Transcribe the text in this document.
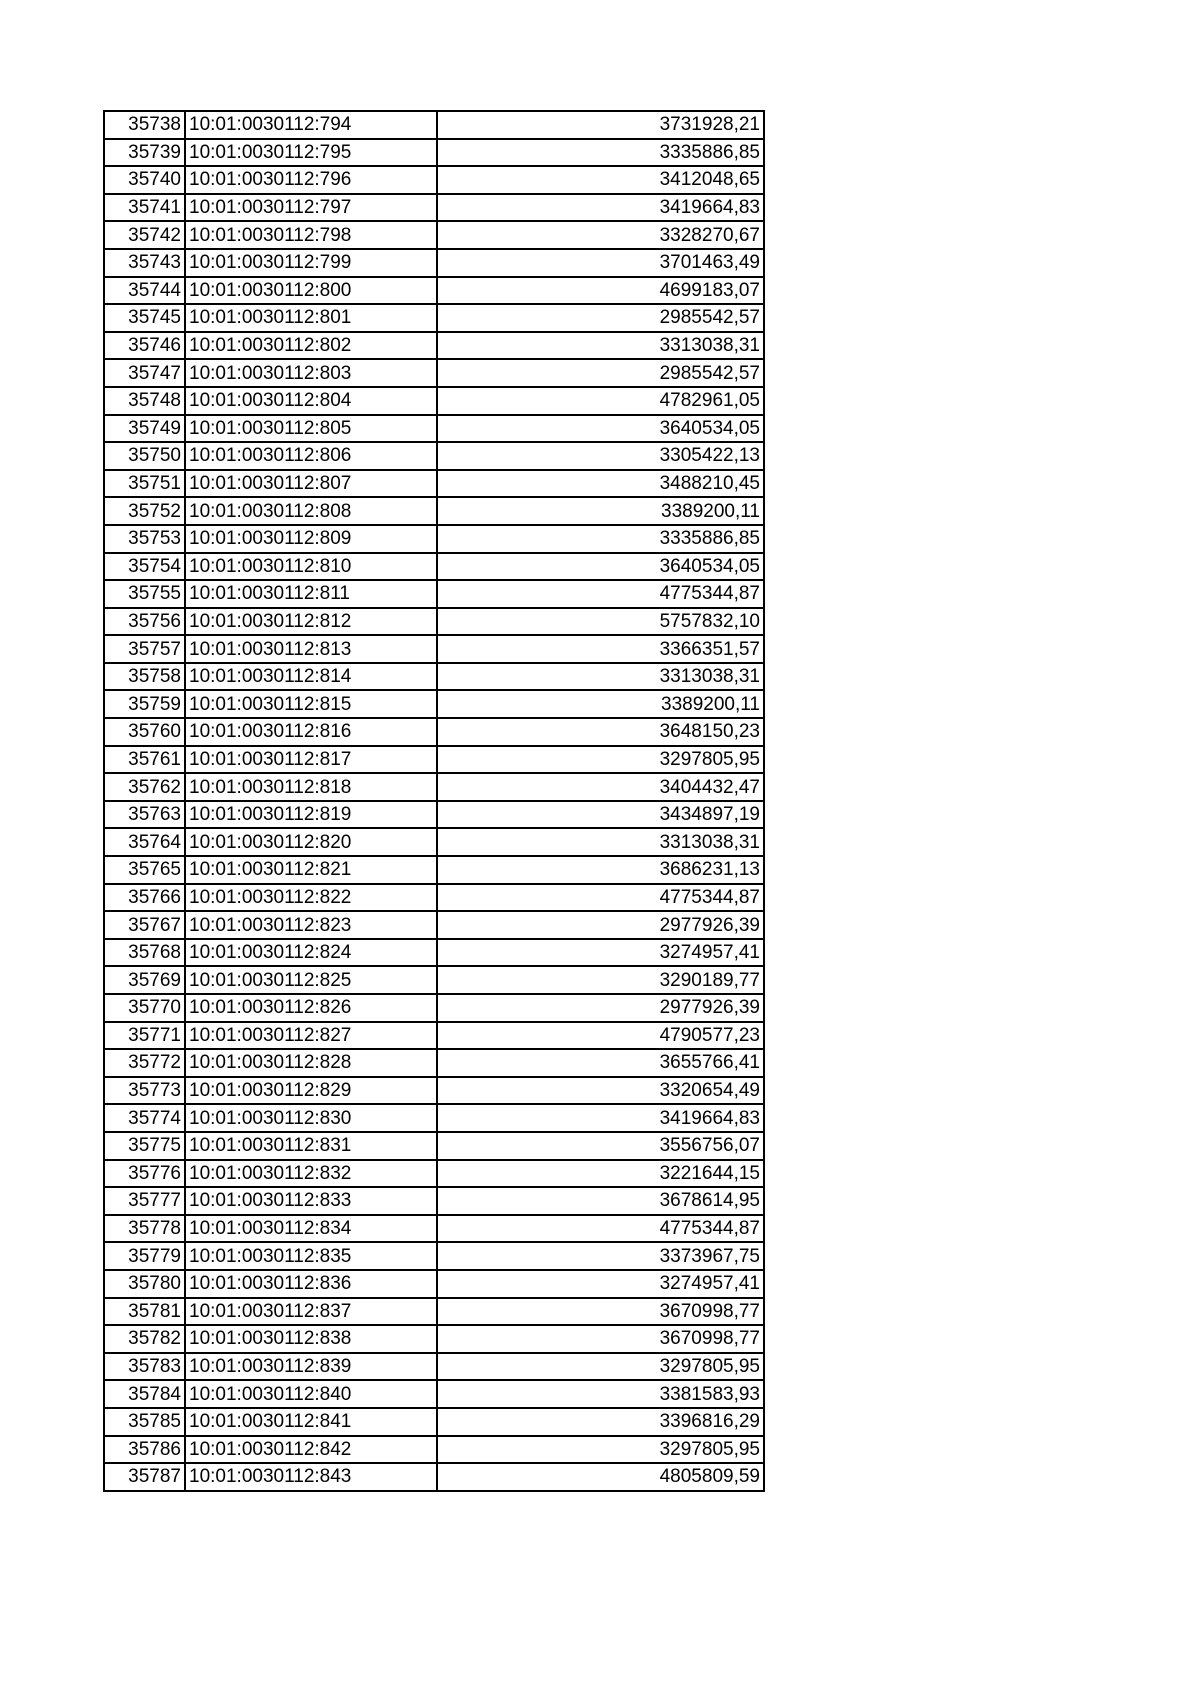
35738	10:01:0030112:794	3731928,21
35739	10:01:0030112:795	3335886,85
35740	10:01:0030112:796	3412048,65
35741	10:01:0030112:797	3419664,83
35742	10:01:0030112:798	3328270,67
35743	10:01:0030112:799	3701463,49
35744	10:01:0030112:800	4699183,07
35745	10:01:0030112:801	2985542,57
35746	10:01:0030112:802	3313038,31
35747	10:01:0030112:803	2985542,57
35748	10:01:0030112:804	4782961,05
35749	10:01:0030112:805	3640534,05
35750	10:01:0030112:806	3305422,13
35751	10:01:0030112:807	3488210,45
35752	10:01:0030112:808	3389200,11
35753	10:01:0030112:809	3335886,85
35754	10:01:0030112:810	3640534,05
35755	10:01:0030112:811	4775344,87
35756	10:01:0030112:812	5757832,10
35757	10:01:0030112:813	3366351,57
35758	10:01:0030112:814	3313038,31
35759	10:01:0030112:815	3389200,11
35760	10:01:0030112:816	3648150,23
35761	10:01:0030112:817	3297805,95
35762	10:01:0030112:818	3404432,47
35763	10:01:0030112:819	3434897,19
35764	10:01:0030112:820	3313038,31
35765	10:01:0030112:821	3686231,13
35766	10:01:0030112:822	4775344,87
35767	10:01:0030112:823	2977926,39
35768	10:01:0030112:824	3274957,41
35769	10:01:0030112:825	3290189,77
35770	10:01:0030112:826	2977926,39
35771	10:01:0030112:827	4790577,23
35772	10:01:0030112:828	3655766,41
35773	10:01:0030112:829	3320654,49
35774	10:01:0030112:830	3419664,83
35775	10:01:0030112:831	3556756,07
35776	10:01:0030112:832	3221644,15
35777	10:01:0030112:833	3678614,95
35778	10:01:0030112:834	4775344,87
35779	10:01:0030112:835	3373967,75
35780	10:01:0030112:836	3274957,41
35781	10:01:0030112:837	3670998,77
35782	10:01:0030112:838	3670998,77
35783	10:01:0030112:839	3297805,95
35784	10:01:0030112:840	3381583,93
35785	10:01:0030112:841	3396816,29
35786	10:01:0030112:842	3297805,95
35787	10:01:0030112:843	4805809,59
